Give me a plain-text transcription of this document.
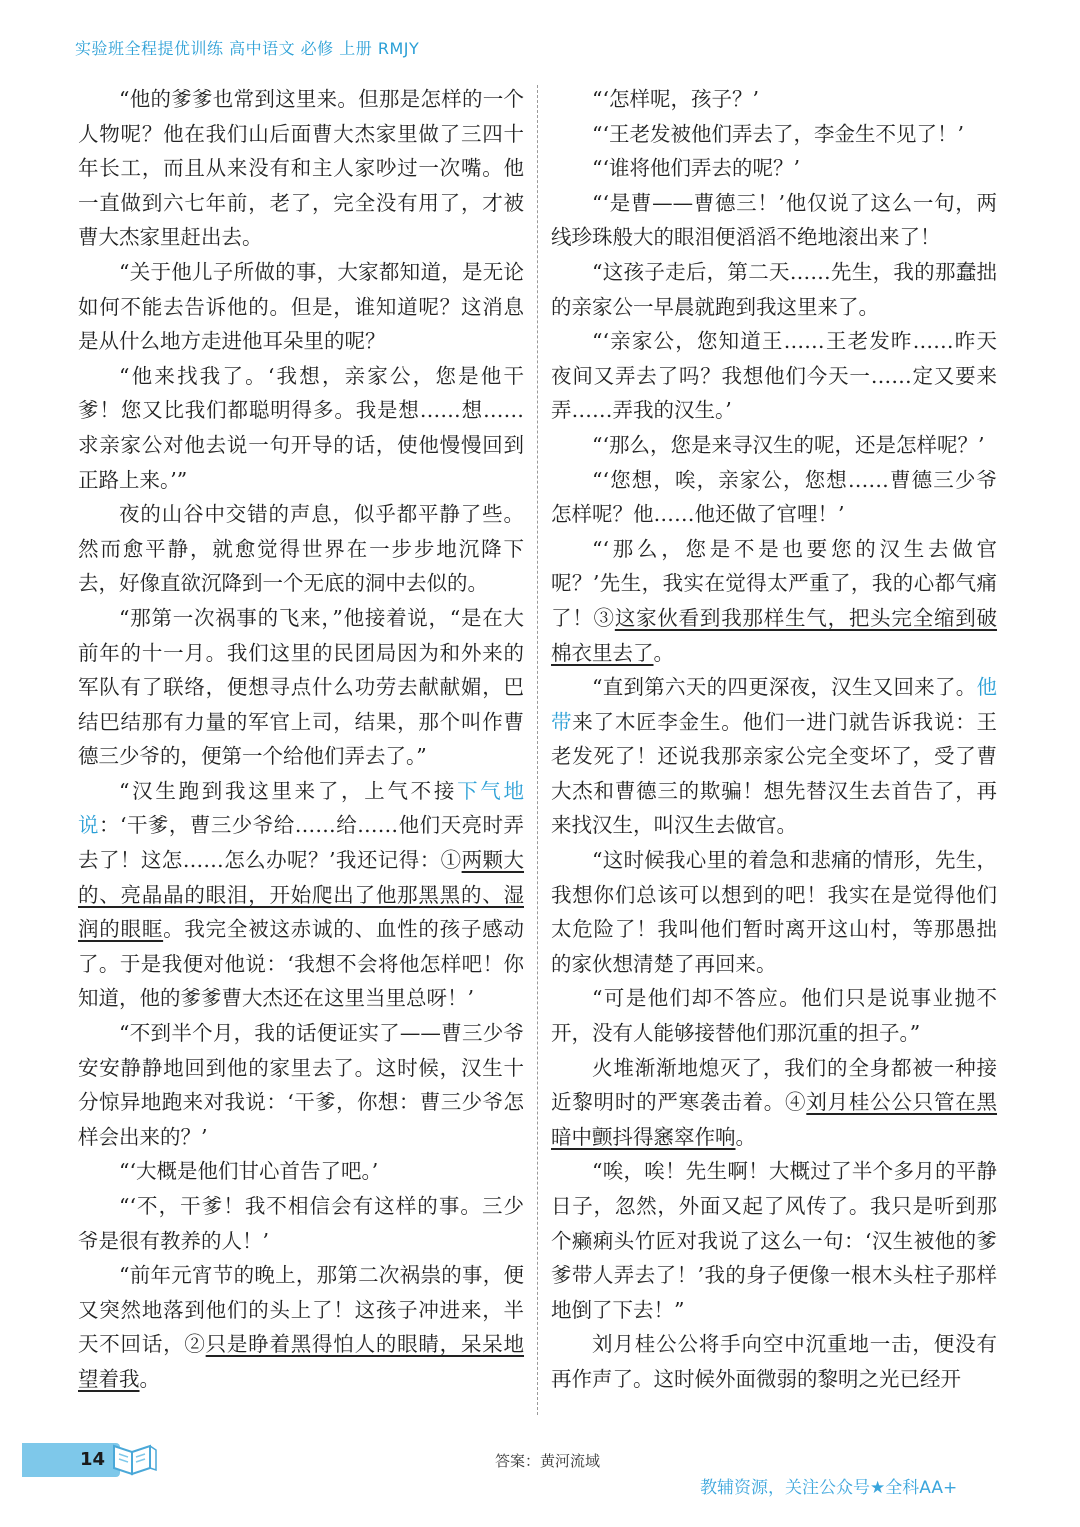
实验班全程提优训练 高中语文 必修 上册 RMJY

“他的爹爹也常到这里来。但那是怎样的一个人物呢？他在我们山后面曹大杰家里做了三四十年长工，而且从来没有和主人家吵过一次嘴。他一直做到六七年前，老了，完全没有用了，才被曹大杰家里赶出去。

“关于他儿子所做的事，大家都知道，是无论如何不能去告诉他的。但是，谁知道呢？这消息是从什么地方走进他耳朵里的呢？

“他来找我了。‘我想，亲家公，您是他干爹！您又比我们都聪明得多。我是想……想……求亲家公对他去说一句开导的话，使他慢慢回到正路上来。’”

夜的山谷中交错的声息，似乎都平静了些。然而愈平静，就愈觉得世界在一步步地沉降下去，好像直欲沉降到一个无底的洞中去似的。

“那第一次祸事的飞来，”他接着说，“是在大前年的十一月。我们这里的民团局因为和外来的军队有了联络，便想寻点什么功劳去献献媚，巴结巴结那有力量的军官上司，结果，那个叫作曹德三少爷的，便第一个给他们弄去了。”

“汉生跑到我这里来了，上气不接下气地说：‘干爹，曹三少爷给……给……他们天亮时弄去了！这怎……怎么办呢？’我还记得：①两颗大的、亮晶晶的眼泪，开始爬出了他那黑黑的、湿润的眼眶。我完全被这赤诚的、血性的孩子感动了。于是我便对他说：‘我想不会将他怎样吧！你知道，他的爹爹曹大杰还在这里当里总呀！’

“不到半个月，我的话便证实了——曹三少爷安安静静地回到他的家里去了。这时候，汉生十分惊异地跑来对我说：‘干爹，你想：曹三少爷怎样会出来的？’

“‘大概是他们甘心首告了吧。’

“‘不，干爹！我不相信会有这样的事。三少爷是很有教养的人！’

“前年元宵节的晚上，那第二次祸祟的事，便又突然地落到他们的头上了！这孩子冲进来，半天不回话，②只是睁着黑得怕人的眼睛，呆呆地望着我。

“‘怎样呢，孩子？’

“‘王老发被他们弄去了，李金生不见了！’

“‘谁将他们弄去的呢？’

“‘是曹——曹德三！’他仅说了这么一句，两线珍珠般大的眼泪便滔滔不绝地滚出来了！

“这孩子走后，第二天……先生，我的那蠢拙的亲家公一早晨就跑到我这里来了。

“‘亲家公，您知道王……王老发昨……昨天夜间又弄去了吗？我想他们今天一……定又要来弄……弄我的汉生。’

“‘那么，您是来寻汉生的呢，还是怎样呢？’

“‘您想，唉，亲家公，您想……曹德三少爷怎样呢？他……他还做了官哩！’

“‘那么，您是不是也要您的汉生去做官呢？’先生，我实在觉得太严重了，我的心都气痛了！③这家伙看到我那样生气，把头完全缩到破棉衣里去了。

“直到第六天的四更深夜，汉生又回来了。他带来了木匠李金生。他们一进门就告诉我说：王老发死了！还说我那亲家公完全变坏了，受了曹大杰和曹德三的欺骗！想先替汉生去首告了，再来找汉生，叫汉生去做官。

“这时候我心里的着急和悲痛的情形，先生，我想你们总该可以想到的吧！我实在是觉得他们太危险了！我叫他们暂时离开这山村，等那愚拙的家伙想清楚了再回来。

“可是他们却不答应。他们只是说事业抛不开，没有人能够接替他们那沉重的担子。”

火堆渐渐地熄灭了，我们的全身都被一种接近黎明时的严寒袭击着。④刘月桂公公只管在黑暗中颤抖得窸窣作响。

“唉，唉！先生啊！大概过了半个多月的平静日子，忽然，外面又起了风传了。我只是听到那个癞痢头竹匠对我说了这么一句：‘汉生被他的爹爹带人弄去了！’我的身子便像一根木头柱子那样地倒了下去！”

刘月桂公公将手向空中沉重地一击，便没有再作声了。这时候外面微弱的黎明之光已经开

14	答案：黄河流域
教辅资源，关注公众号★全科AA+
